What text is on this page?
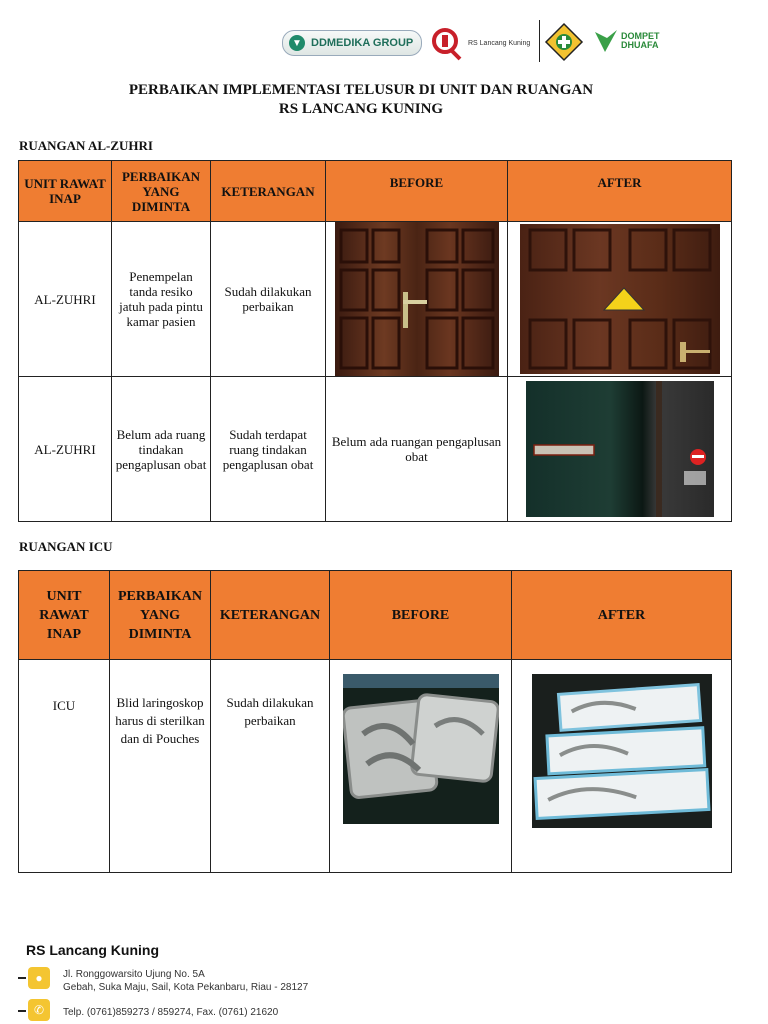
▼ DDMEDIKA GROUP	RS Lancang Kuning
DOMPET
DHUAFA
PERBAIKAN IMPLEMENTASI TELUSUR DI UNIT DAN RUANGAN
RS LANCANG KUNING
RUANGAN AL-ZUHRI
UNIT RAWAT INAP	PERBAIKAN YANG DIMINTA	KETERANGAN	BEFORE	AFTER
AL-ZUHRI	Penempelan tanda resiko jatuh pada pintu kamar pasien	Sudah dilakukan perbaikan	

AL-ZUHRI	Belum ada ruang tindakan pengaplusan obat	Sudah terdapat ruang tindakan pengaplusan obat	Belum ada ruangan pengaplusan obat	
RUANGAN ICU
UNIT RAWAT INAP	PERBAIKAN YANG DIMINTA	KETERANGAN	BEFORE	AFTER
ICU	Blid laringoskop harus di sterilkan dan di Pouches	Sudah dilakukan perbaikan	

RS Lancang Kuning
●	Jl. Ronggowarsito Ujung No. 5A
Gebah, Suka Maju, Sail, Kota Pekanbaru, Riau - 28127
✆	Telp. (0761)859273 / 859274, Fax. (0761) 21620
